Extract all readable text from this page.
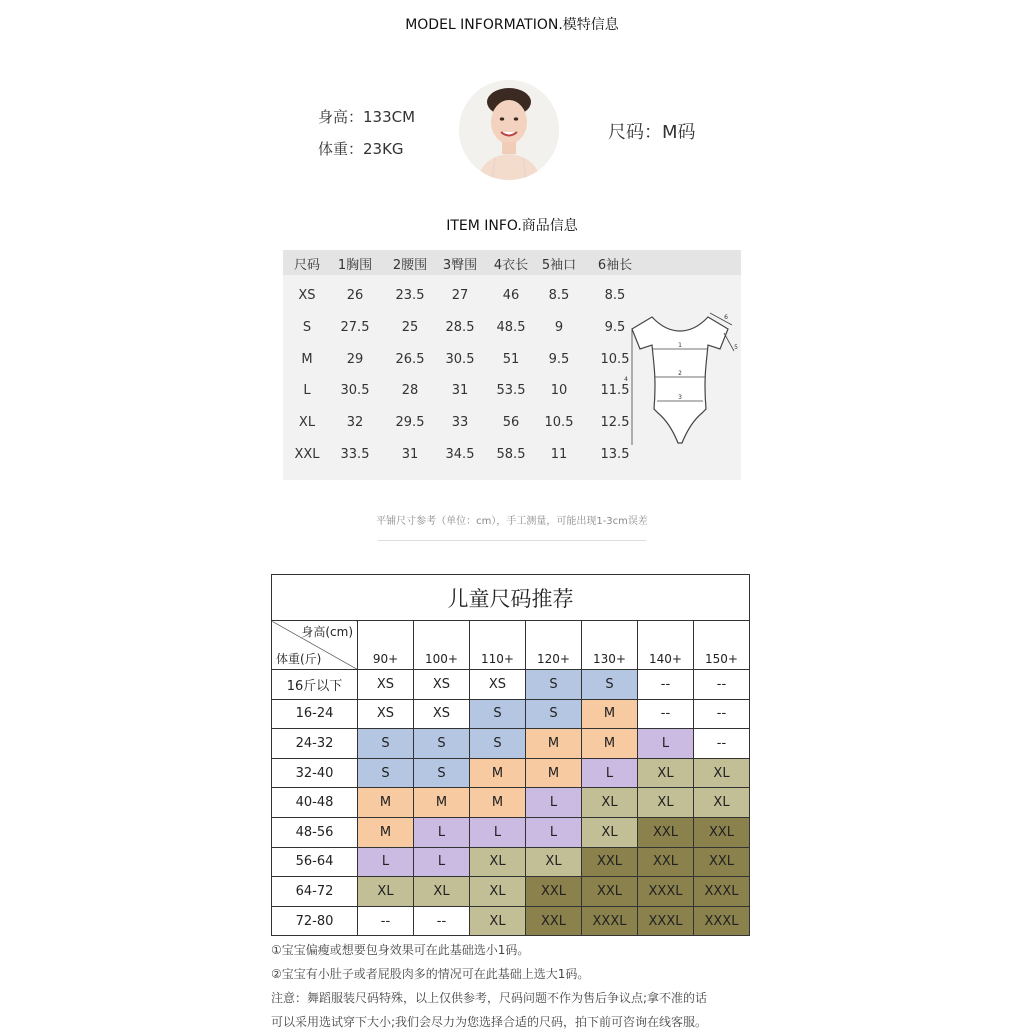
MODEL INFORMATION.模特信息
身高：133CM
体重：23KG
尺码：M码
ITEM INFO.商品信息
尺码	1胸围	2腰围	3臀围	4衣长	5袖口	6袖长
XS	26	23.5	27	46	8.5	8.5
S	27.5	25	28.5	48.5	9	9.5
M	29	26.5	30.5	51	9.5	10.5
L	30.5	28	31	53.5	10	11.5
XL	32	29.5	33	56	10.5	12.5
XXL	33.5	31	34.5	58.5	11	13.5
1
2
3
4
5
6
平铺尺寸参考（单位：cm），手工测量，可能出现1-3cm误差
儿童尺码推荐							

身高(cm)
体重(斤)	90+	100+	110+	120+	130+	140+	150+
16斤以下	XS	XS	XS	S	S	--	--
16-24	XS	XS	S	S	M	--	--
24-32	S	S	S	M	M	L	--
32-40	S	S	M	M	L	XL	XL
40-48	M	M	M	L	XL	XL	XL
48-56	M	L	L	L	XL	XXL	XXL
56-64	L	L	XL	XL	XXL	XXL	XXL
64-72	XL	XL	XL	XXL	XXL	XXXL	XXXL
72-80	--	--	XL	XXL	XXXL	XXXL	XXXL
①宝宝偏瘦或想要包身效果可在此基础选小1码。
②宝宝有小肚子或者屁股肉多的情况可在此基础上选大1码。
注意：舞蹈服装尺码特殊，以上仅供参考，尺码问题不作为售后争议点;拿不准的话
可以采用选试穿下大小;我们会尽力为您选择合适的尺码，拍下前可咨询在线客服。
